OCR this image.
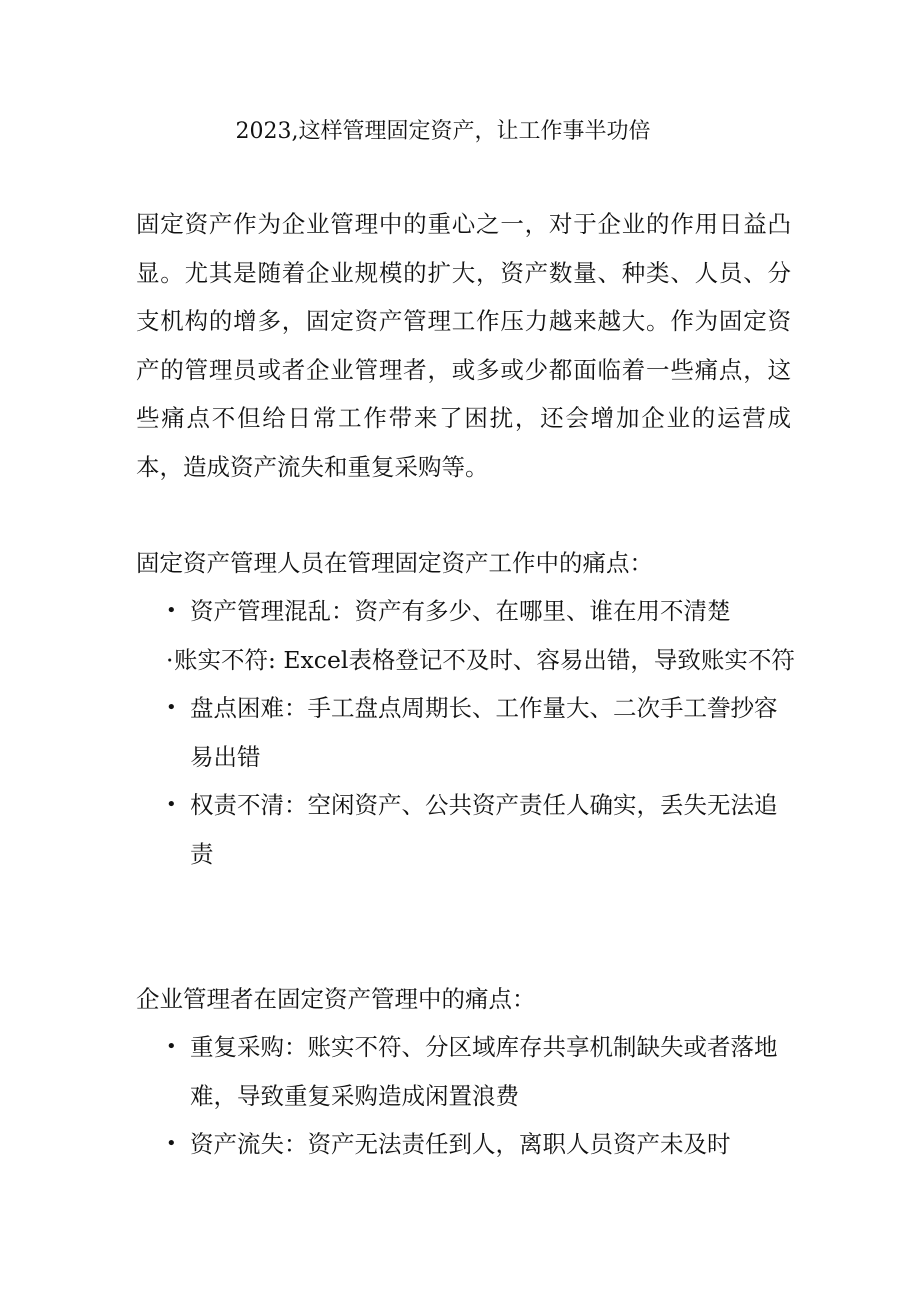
2023,这样管理固定资产，让工作事半功倍
固定资产作为企业管理中的重心之一，对于企业的作用日益凸显。尤其是随着企业规模的扩大，资产数量、种类、人员、分支机构的增多，固定资产管理工作压力越来越大。作为固定资产的管理员或者企业管理者，或多或少都面临着一些痛点，这些痛点不但给日常工作带来了困扰，还会增加企业的运营成本，造成资产流失和重复采购等。
固定资产管理人员在管理固定资产工作中的痛点：
• 资产管理混乱：资产有多少、在哪里、谁在用不清楚
·账实不符: Excel表格登记不及时、容易出错，导致账实不符
• 盘点困难：手工盘点周期长、工作量大、二次手工誊抄容易出错
• 权责不清：空闲资产、公共资产责任人确实，丢失无法追责
企业管理者在固定资产管理中的痛点：
• 重复采购：账实不符、分区域库存共享机制缺失或者落地难，导致重复采购造成闲置浪费
• 资产流失：资产无法责任到人，离职人员资产未及时
